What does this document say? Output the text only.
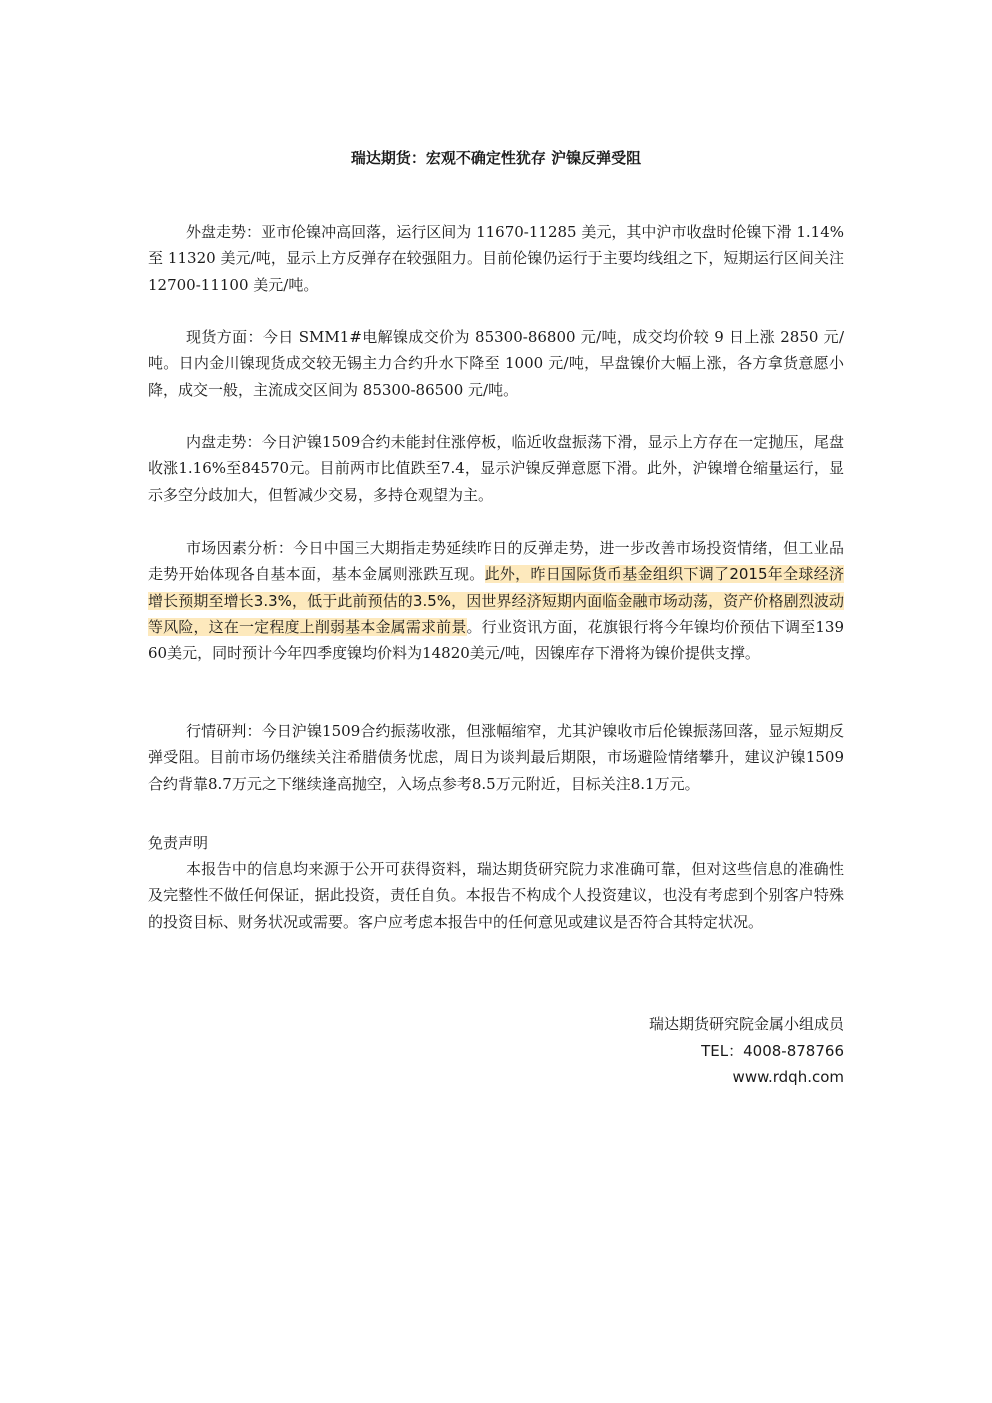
瑞达期货：宏观不确定性犹存 沪镍反弹受阻

外盘走势：亚市伦镍冲高回落，运行区间为 11670-11285 美元，其中沪市收盘时伦镍下滑 1.14%至 11320 美元/吨，显示上方反弹存在较强阻力。目前伦镍仍运行于主要均线组之下，短期运行区间关注 12700-11100 美元/吨。

现货方面：今日 SMM1#电解镍成交价为 85300-86800 元/吨，成交均价较 9 日上涨 2850 元/吨。日内金川镍现货成交较无锡主力合约升水下降至 1000 元/吨，早盘镍价大幅上涨，各方拿货意愿小降，成交一般，主流成交区间为 85300-86500 元/吨。

内盘走势：今日沪镍1509合约未能封住涨停板，临近收盘振荡下滑，显示上方存在一定抛压，尾盘收涨1.16%至84570元。目前两市比值跌至7.4，显示沪镍反弹意愿下滑。此外，沪镍增仓缩量运行，显示多空分歧加大，但暂减少交易，多持仓观望为主。

市场因素分析：今日中国三大期指走势延续昨日的反弹走势，进一步改善市场投资情绪，但工业品走势开始体现各自基本面，基本金属则涨跌互现。此外，昨日国际货币基金组织下调了2015年全球经济增长预期至增长3.3%，低于此前预估的3.5%，因世界经济短期内面临金融市场动荡，资产价格剧烈波动等风险，这在一定程度上削弱基本金属需求前景。行业资讯方面，花旗银行将今年镍均价预估下调至13960美元，同时预计今年四季度镍均价料为14820美元/吨，因镍库存下滑将为镍价提供支撑。

行情研判：今日沪镍1509合约振荡收涨，但涨幅缩窄，尤其沪镍收市后伦镍振荡回落，显示短期反弹受阻。目前市场仍继续关注希腊债务忧虑，周日为谈判最后期限，市场避险情绪攀升，建议沪镍1509合约背靠8.7万元之下继续逢高抛空，入场点参考8.5万元附近，目标关注8.1万元。

免责声明

本报告中的信息均来源于公开可获得资料，瑞达期货研究院力求准确可靠，但对这些信息的准确性及完整性不做任何保证，据此投资，责任自负。本报告不构成个人投资建议，也没有考虑到个别客户特殊的投资目标、财务状况或需要。客户应考虑本报告中的任何意见或建议是否符合其特定状况。

瑞达期货研究院金属小组成员

TEL：4008-878766

www.rdqh.com
